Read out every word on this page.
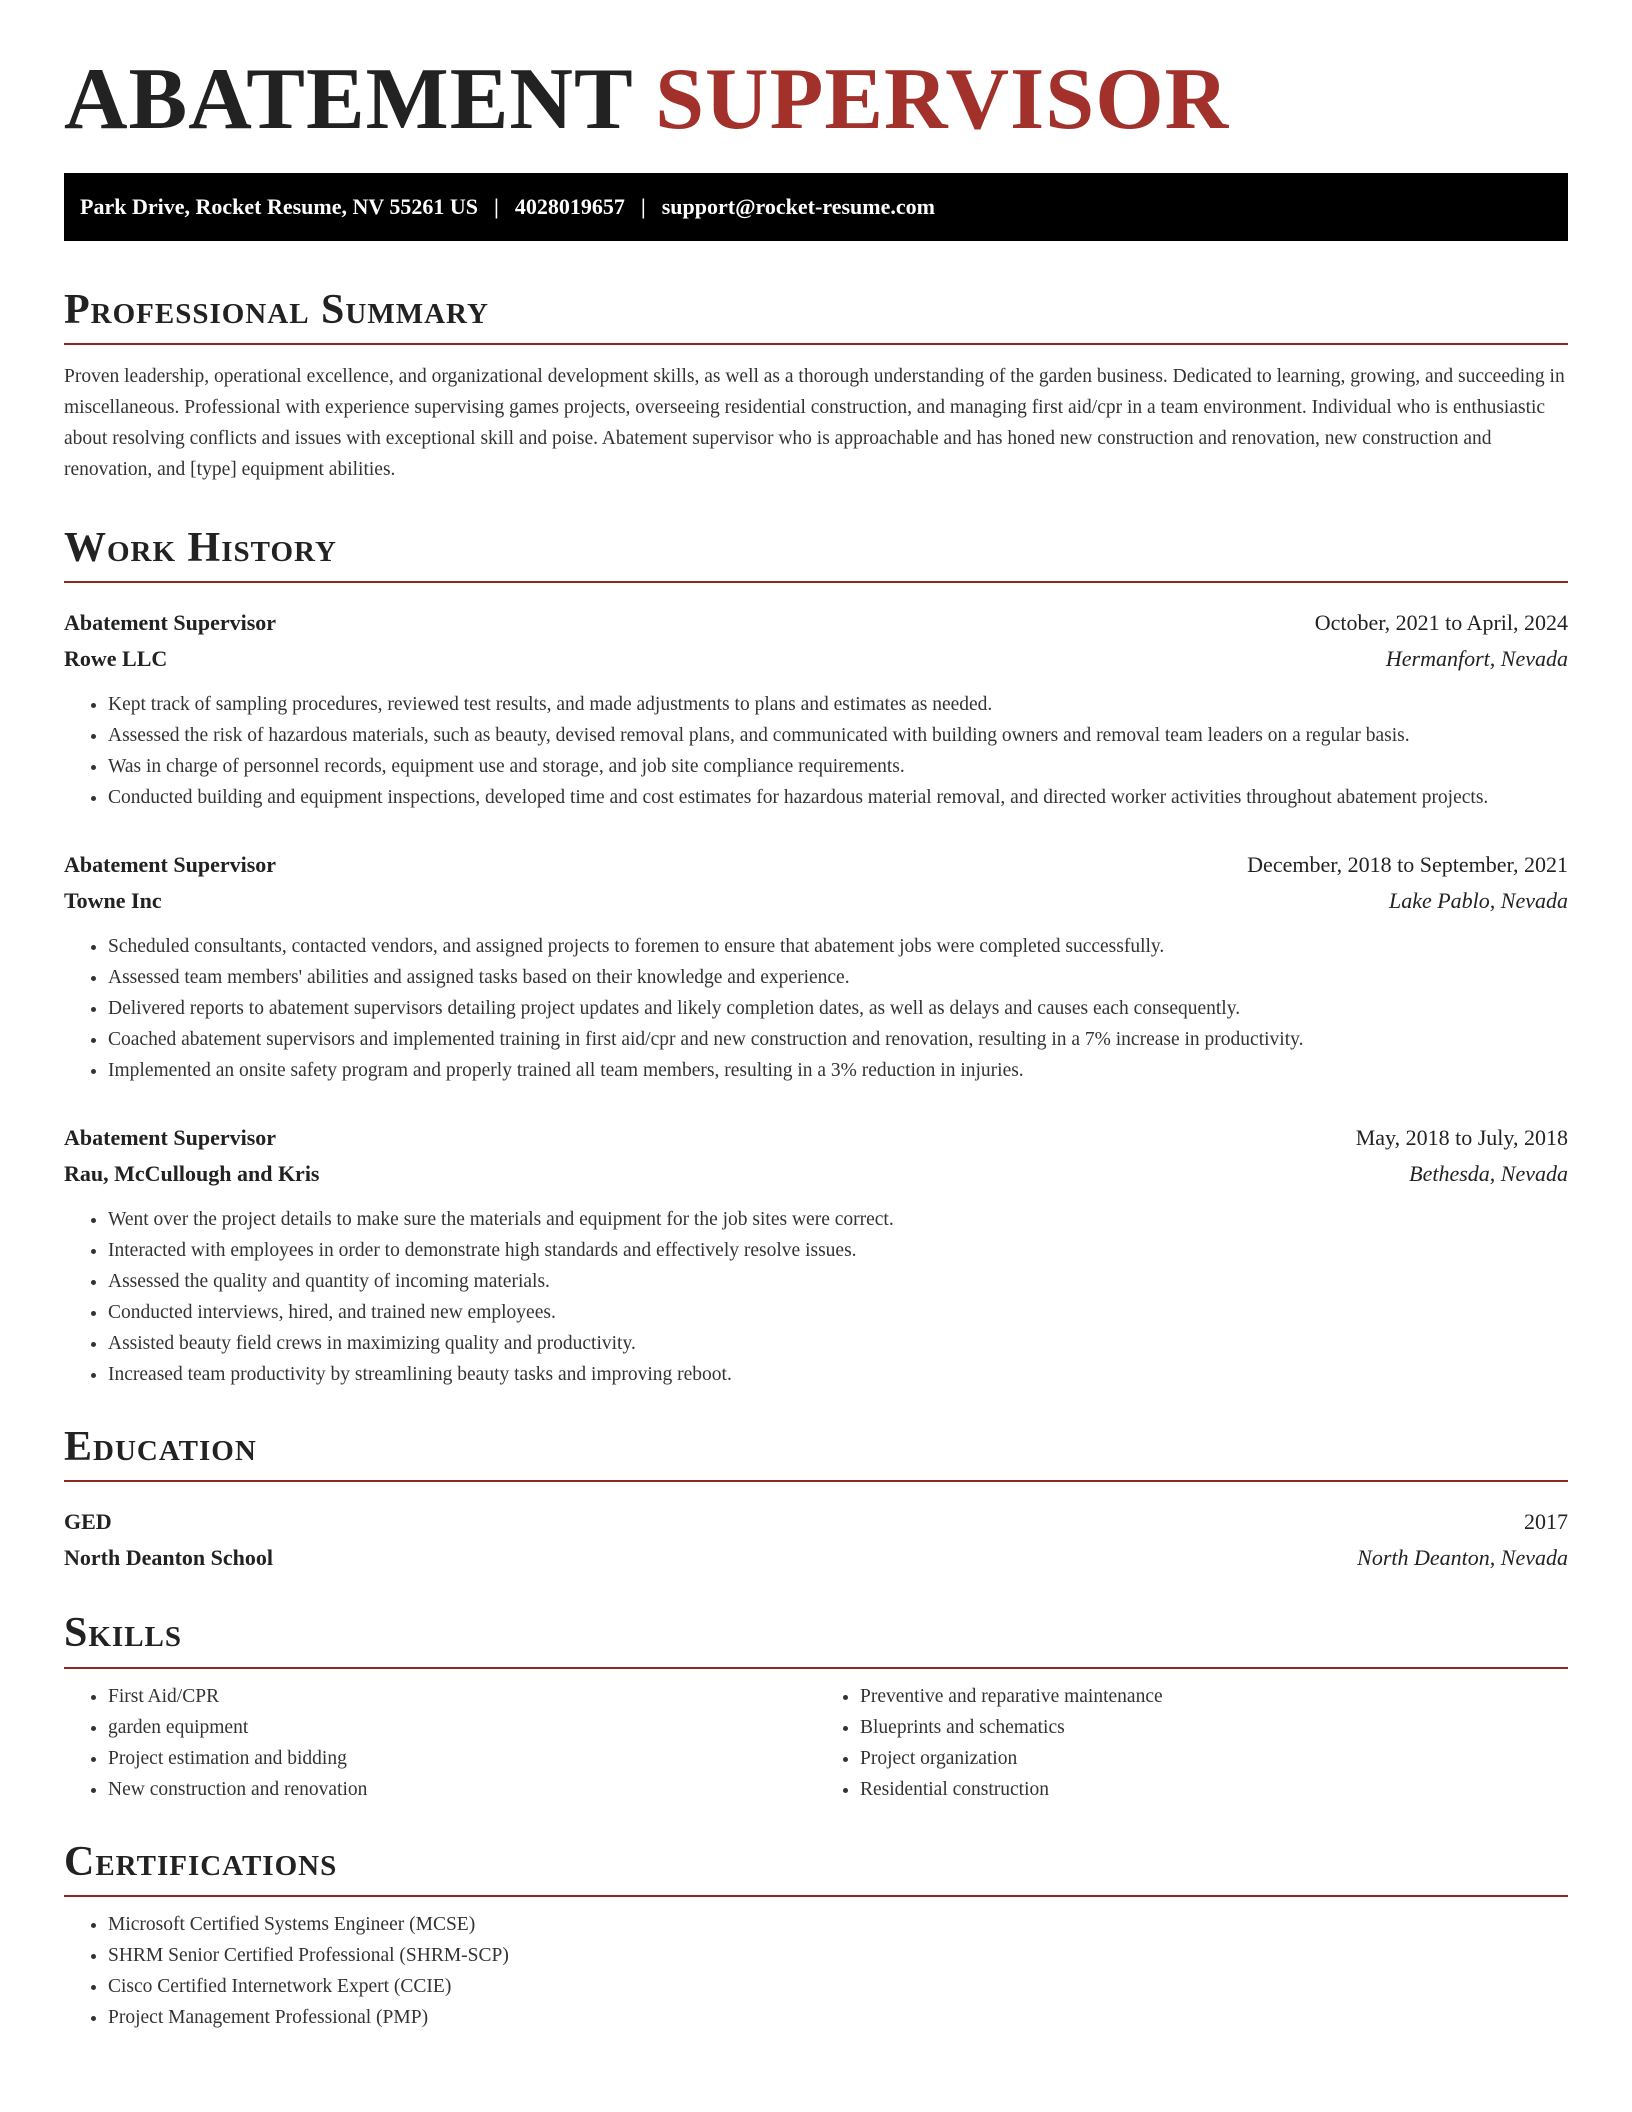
ABATEMENT SUPERVISOR
Park Drive, Rocket Resume, NV 55261 US | 4028019657 | support@rocket-resume.com
Professional Summary

Proven leadership, operational excellence, and organizational development skills, as well as a thorough understanding of the garden business. Dedicated to learning, growing, and succeeding in miscellaneous. Professional with experience supervising games projects, overseeing residential construction, and managing first aid/cpr in a team environment. Individual who is enthusiastic about resolving conflicts and issues with exceptional skill and poise. Abatement supervisor who is approachable and has honed new construction and renovation, new construction and renovation, and [type] equipment abilities.

Work History
Abatement Supervisor	October, 2021 to April, 2024
Rowe LLC	Hermanfort, Nevada
• Kept track of sampling procedures, reviewed test results, and made adjustments to plans and estimates as needed.
• Assessed the risk of hazardous materials, such as beauty, devised removal plans, and communicated with building owners and removal team leaders on a regular basis.
• Was in charge of personnel records, equipment use and storage, and job site compliance requirements.
• Conducted building and equipment inspections, developed time and cost estimates for hazardous material removal, and directed worker activities throughout abatement projects.
Abatement Supervisor	December, 2018 to September, 2021
Towne Inc	Lake Pablo, Nevada
• Scheduled consultants, contacted vendors, and assigned projects to foremen to ensure that abatement jobs were completed successfully.
• Assessed team members' abilities and assigned tasks based on their knowledge and experience.
• Delivered reports to abatement supervisors detailing project updates and likely completion dates, as well as delays and causes each consequently.
• Coached abatement supervisors and implemented training in first aid/cpr and new construction and renovation, resulting in a 7% increase in productivity.
• Implemented an onsite safety program and properly trained all team members, resulting in a 3% reduction in injuries.
Abatement Supervisor	May, 2018 to July, 2018
Rau, McCullough and Kris	Bethesda, Nevada
• Went over the project details to make sure the materials and equipment for the job sites were correct.
• Interacted with employees in order to demonstrate high standards and effectively resolve issues.
• Assessed the quality and quantity of incoming materials.
• Conducted interviews, hired, and trained new employees.
• Assisted beauty field crews in maximizing quality and productivity.
• Increased team productivity by streamlining beauty tasks and improving reboot.
Education
GED	2017
North Deanton School	North Deanton, Nevada
Skills
• First Aid/CPR
• garden equipment
• Project estimation and bidding
• New construction and renovation
• Preventive and reparative maintenance
• Blueprints and schematics
• Project organization
• Residential construction
Certifications
• Microsoft Certified Systems Engineer (MCSE)
• SHRM Senior Certified Professional (SHRM-SCP)
• Cisco Certified Internetwork Expert (CCIE)
• Project Management Professional (PMP)
